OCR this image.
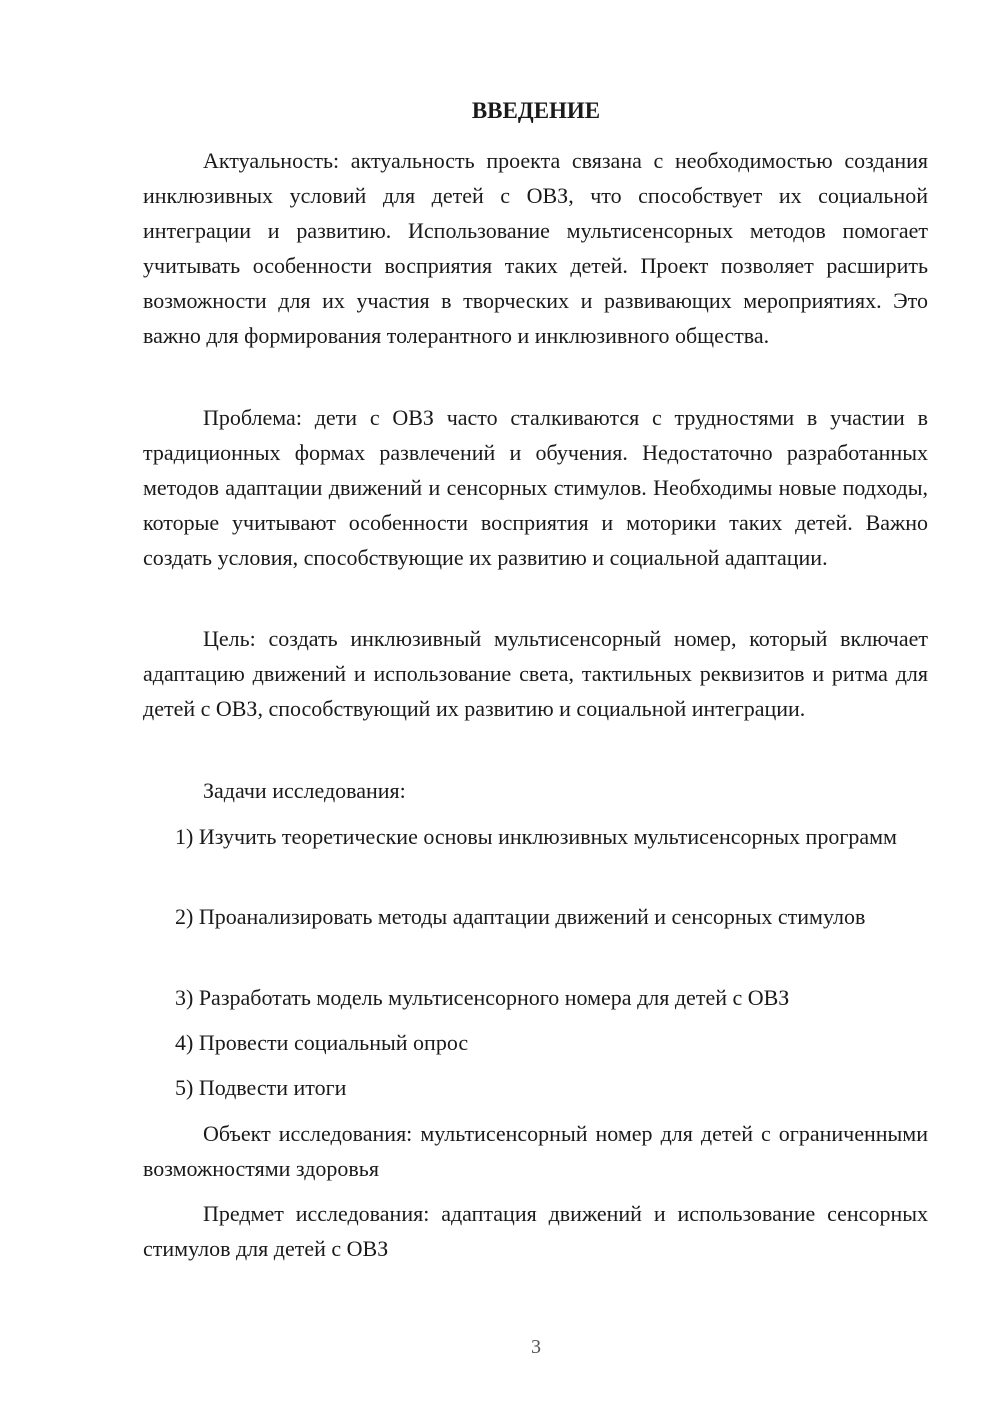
ВВЕДЕНИЕ

Актуальность: актуальность проекта связана с необходимостью создания инклюзивных условий для детей с ОВЗ, что способствует их социальной интеграции и развитию. Использование мультисенсорных методов помогает учитывать особенности восприятия таких детей. Проект позволяет расширить возможности для их участия в творческих и развивающих мероприятиях. Это важно для формирования толерантного и инклюзивного общества.

Проблема: дети с ОВЗ часто сталкиваются с трудностями в участии в традиционных формах развлечений и обучения. Недостаточно разработанных методов адаптации движений и сенсорных стимулов. Необходимы новые подходы, которые учитывают особенности восприятия и моторики таких детей. Важно создать условия, способствующие их развитию и социальной адаптации.

Цель: создать инклюзивный мультисенсорный номер, который включает адаптацию движений и использование света, тактильных реквизитов и ритма для детей с ОВЗ, способствующий их развитию и социальной интеграции.

Задачи исследования:

1) Изучить теоретические основы инклюзивных мультисенсорных программ

2) Проанализировать методы адаптации движений и сенсорных стимулов

3) Разработать модель мультисенсорного номера для детей с ОВЗ

4) Провести социальный опрос

5) Подвести итоги

Объект исследования: мультисенсорный номер для детей с ограниченными возможностями здоровья

Предмет исследования: адаптация движений и использование сенсорных стимулов для детей с ОВЗ

3
